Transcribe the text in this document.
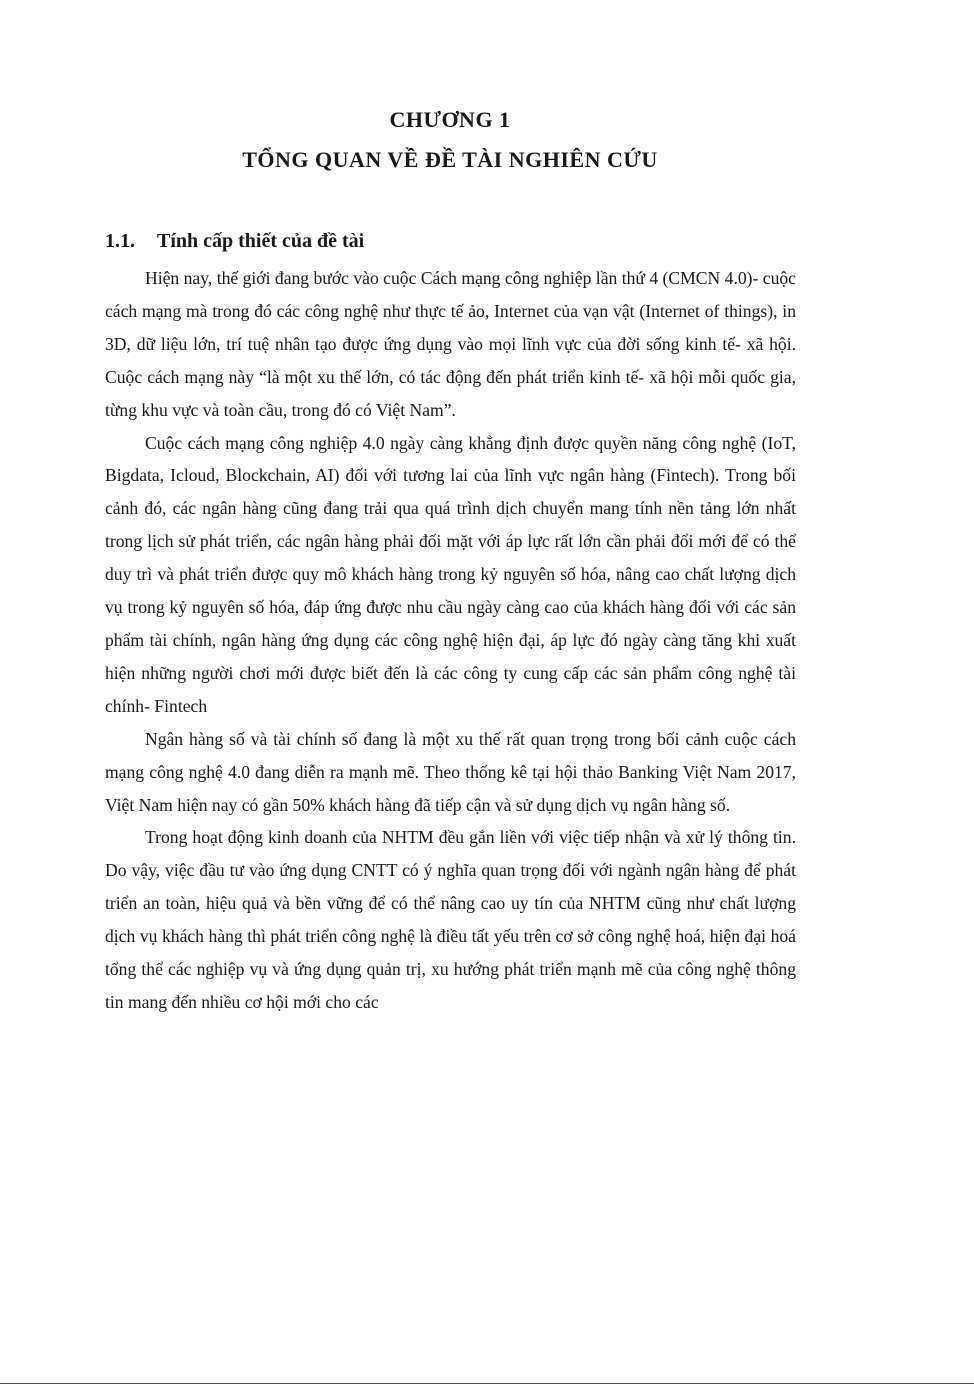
CHƯƠNG 1
TỔNG QUAN VỀ ĐỀ TÀI NGHIÊN CỨU
1.1. Tính cấp thiết của đề tài

Hiện nay, thế giới đang bước vào cuộc Cách mạng công nghiệp lần thứ 4 (CMCN 4.0)- cuộc cách mạng mà trong đó các công nghệ như thực tế ảo, Internet của vạn vật (Internet of things), in 3D, dữ liệu lớn, trí tuệ nhân tạo được ứng dụng vào mọi lĩnh vực của đời sống kinh tế- xã hội. Cuộc cách mạng này “là một xu thế lớn, có tác động đến phát triển kinh tế- xã hội mỗi quốc gia, từng khu vực và toàn cầu, trong đó có Việt Nam”.

Cuộc cách mạng công nghiệp 4.0 ngày càng khẳng định được quyền năng công nghệ (IoT, Bigdata, Icloud, Blockchain, AI) đối với tương lai của lĩnh vực ngân hàng (Fintech). Trong bối cảnh đó, các ngân hàng cũng đang trải qua quá trình dịch chuyển mang tính nền tảng lớn nhất trong lịch sử phát triển, các ngân hàng phải đối mặt với áp lực rất lớn cần phải đổi mới để có thể duy trì và phát triển được quy mô khách hàng trong kỷ nguyên số hóa, nâng cao chất lượng dịch vụ trong kỷ nguyên số hóa, đáp ứng được nhu cầu ngày càng cao của khách hàng đối với các sản phẩm tài chính, ngân hàng ứng dụng các công nghệ hiện đại, áp lực đó ngày càng tăng khi xuất hiện những người chơi mới được biết đến là các công ty cung cấp các sản phẩm công nghệ tài chính- Fintech

Ngân hàng số và tài chính số đang là một xu thế rất quan trọng trong bối cảnh cuộc cách mạng công nghệ 4.0 đang diễn ra mạnh mẽ. Theo thống kê tại hội thảo Banking Việt Nam 2017, Việt Nam hiện nay có gần 50% khách hàng đã tiếp cận và sử dụng dịch vụ ngân hàng số.

Trong hoạt động kinh doanh của NHTM đều gắn liền với việc tiếp nhận và xử lý thông tin. Do vậy, việc đầu tư vào ứng dụng CNTT có ý nghĩa quan trọng đối với ngành ngân hàng để phát triển an toàn, hiệu quả và bền vững để có thể nâng cao uy tín của NHTM cũng như chất lượng dịch vụ khách hàng thì phát triển công nghệ là điều tất yếu trên cơ sở công nghệ hoá, hiện đại hoá tổng thể các nghiệp vụ và ứng dụng quản trị, xu hướng phát triển mạnh mẽ của công nghệ thông tin mang đến nhiều cơ hội mới cho các
